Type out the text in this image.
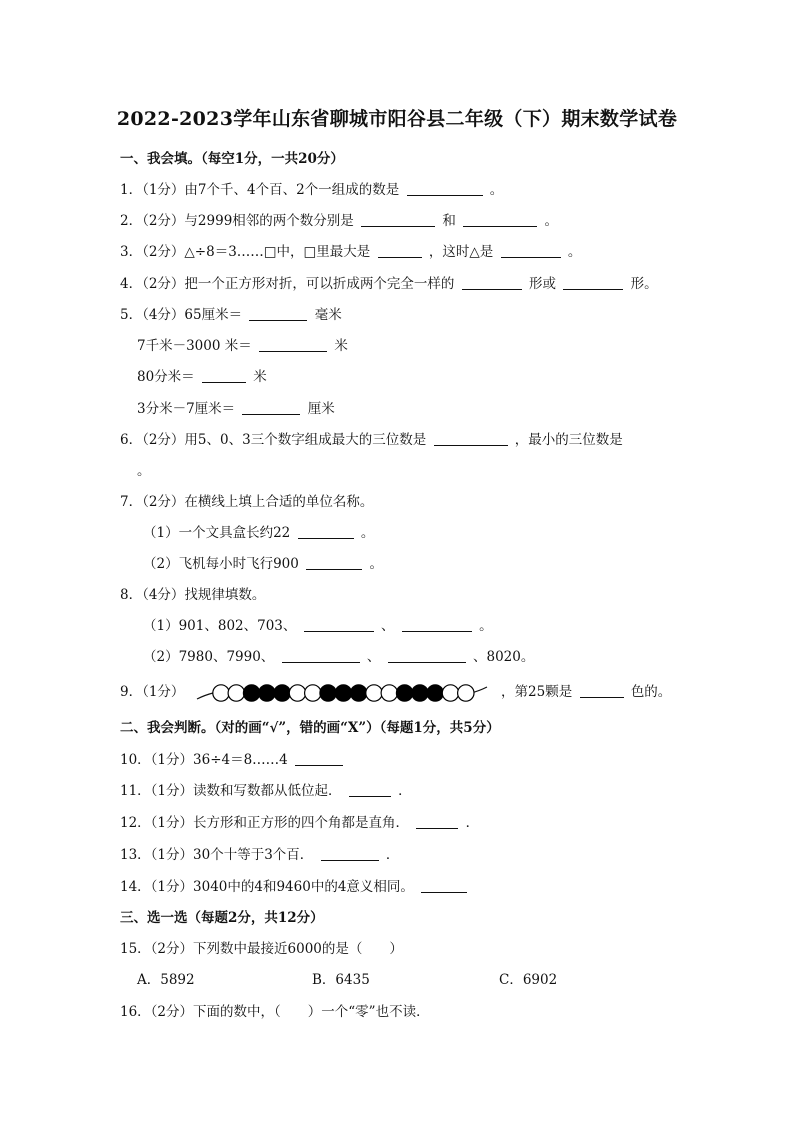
2022-2023学年山东省聊城市阳谷县二年级（下）期末数学试卷
一、我会填。（每空1分，一共20分）
1．（1分）由7个千、4个百、2个一组成的数是	。
2．（2分）与2999相邻的两个数分别是	和	。
3．（2分）△÷8＝3……□中，□里最大是	，这时△是	。
4．（2分）把一个正方形对折，可以折成两个完全一样的	形或	形。
5．（4分）65厘米＝	毫米
7千米－3000 米＝	米
80分米＝	米
3分米－7厘米＝	厘米
6．（2分）用5、0、3三个数字组成最大的三位数是	，最小的三位数是
。
7．（2分）在横线上填上合适的单位名称。
（1）一个文具盒长约22	。
（2）飞机每小时飞行900	。
8．（4分）找规律填数。
（1）901、802、703、	、	。
（2）7980、7990、	、	、8020。
9．（1分）	，第25颗是	色的。
二、我会判断。（对的画“√”，错的画“X”）（每题1分，共5分）
10．（1分）36÷4＝8……4
11．（1分）读数和写数都从低位起．	．
12．（1分）长方形和正方形的四个角都是直角．	．
13．（1分）30个十等于3个百．	．
14．（1分）3040中的4和9460中的4意义相同。
三、选一选（每题2分，共12分）
15．（2分）下列数中最接近6000的是（　　）
A．5892	B．6435	C．6902
16．（2分）下面的数中，（　　）一个“零”也不读．
